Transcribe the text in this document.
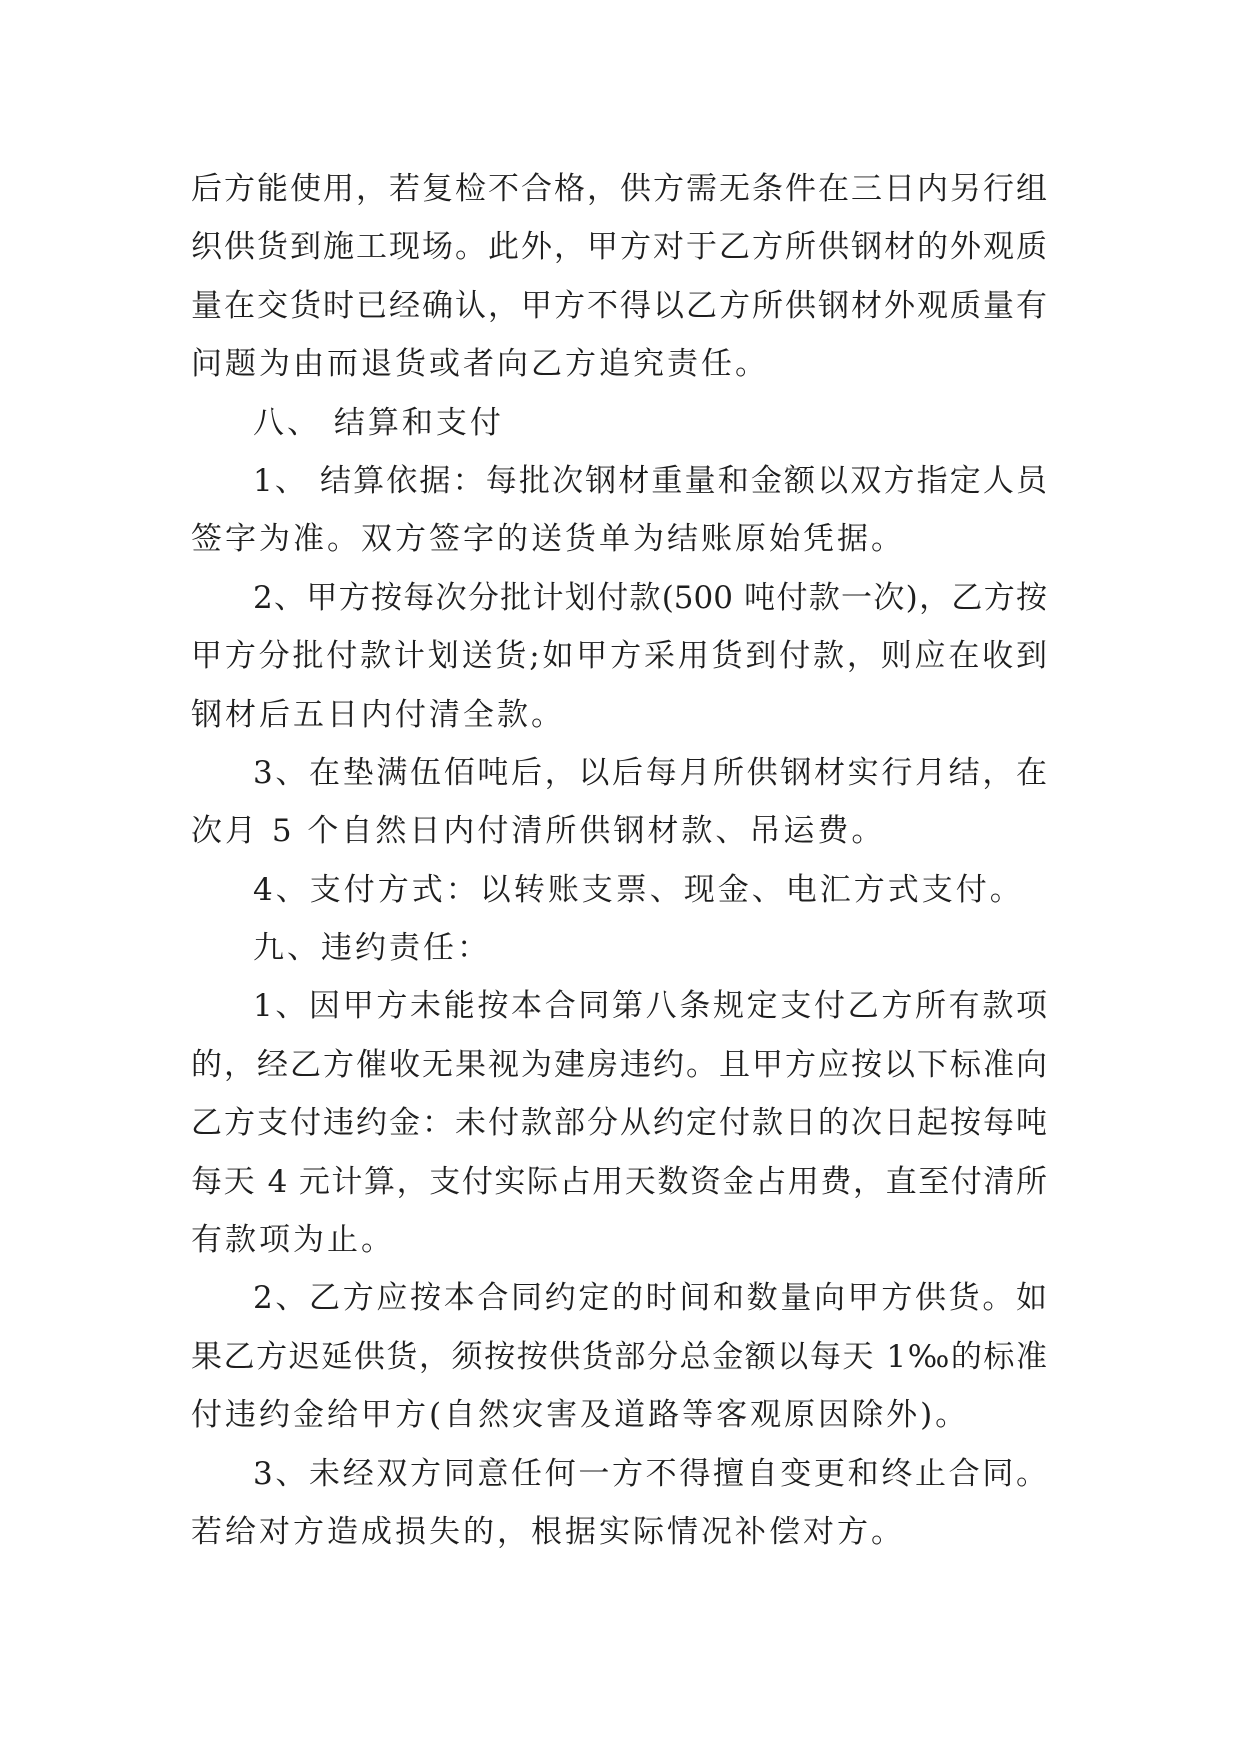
后方能使用，若复检不合格，供方需无条件在三日内另行组
织供货到施工现场。此外，甲方对于乙方所供钢材的外观质
量在交货时已经确认，甲方不得以乙方所供钢材外观质量有
问题为由而退货或者向乙方追究责任。
八、 结算和支付
1、 结算依据：每批次钢材重量和金额以双方指定人员
签字为准。双方签字的送货单为结账原始凭据。
2、甲方按每次分批计划付款(500 吨付款一次)，乙方按
甲方分批付款计划送货;如甲方采用货到付款，则应在收到
钢材后五日内付清全款。
3、在垫满伍佰吨后，以后每月所供钢材实行月结，在
次月 5 个自然日内付清所供钢材款、吊运费。
4、支付方式：以转账支票、现金、电汇方式支付。
九、违约责任：
1、因甲方未能按本合同第八条规定支付乙方所有款项
的，经乙方催收无果视为建房违约。且甲方应按以下标准向
乙方支付违约金：未付款部分从约定付款日的次日起按每吨
每天 4 元计算，支付实际占用天数资金占用费，直至付清所
有款项为止。
2、乙方应按本合同约定的时间和数量向甲方供货。如
果乙方迟延供货，须按按供货部分总金额以每天 1‰的标准
付违约金给甲方(自然灾害及道路等客观原因除外)。
3、未经双方同意任何一方不得擅自变更和终止合同。
若给对方造成损失的，根据实际情况补偿对方。
